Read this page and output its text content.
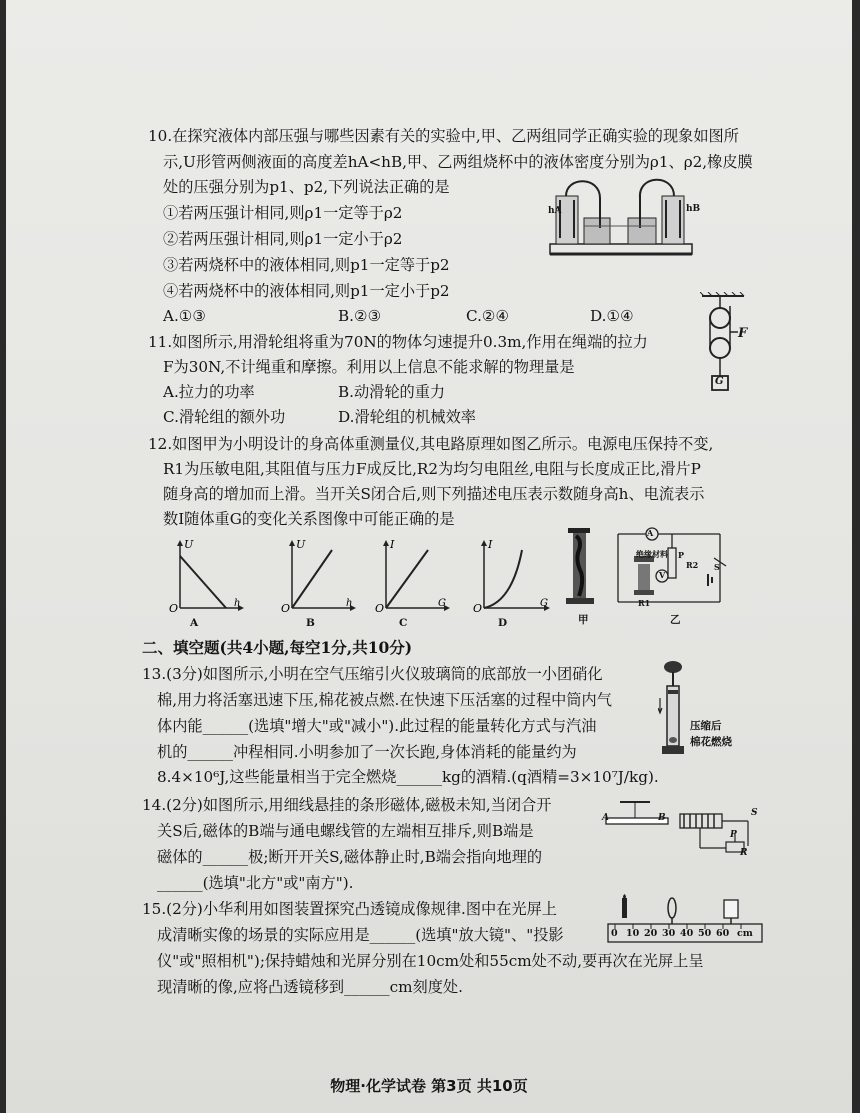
10.在探究液体内部压强与哪些因素有关的实验中,甲、乙两组同学正确实验的现象如图所
示,U形管两侧液面的高度差hA<hB,甲、乙两组烧杯中的液体密度分别为ρ1、ρ2,橡皮膜
处的压强分别为p1、p2,下列说法正确的是
①若两压强计相同,则ρ1一定等于ρ2
②若两压强计相同,则ρ1一定小于ρ2
③若两烧杯中的液体相同,则p1一定等于p2
④若两烧杯中的液体相同,则p1一定小于p2
A.①③	B.②③	C.②④	D.①④
hA	hB
11.如图所示,用滑轮组将重为70N的物体匀速提升0.3m,作用在绳端的拉力
F为30N,不计绳重和摩擦。利用以上信息不能求解的物理量是
A.拉力的功率	B.动滑轮的重力
C.滑轮组的额外功	D.滑轮组的机械效率
F
G
12.如图甲为小明设计的身高体重测量仪,其电路原理如图乙所示。电源电压保持不变,
R1为压敏电阻,其阻值与压力F成反比,R2为均匀电阻丝,电阻与长度成正比,滑片P
随身高的增加而上滑。当开关S闭合后,则下列描述电压表示数随身高h、电流表示
数I随体重G的变化关系图像中可能正确的是
U
h
O
A
U
h
O
B
I
G
O
C
I
G
O
D	甲
A
绝缘材料
V
P
R2
R1
S
乙
二、填空题(共4小题,每空1分,共10分)
13.(3分)如图所示,小明在空气压缩引火仪玻璃筒的底部放一小团硝化
棉,用力将活塞迅速下压,棉花被点燃.在快速下压活塞的过程中筒内气
体内能______(选填"增大"或"减小").此过程的能量转化方式与汽油
机的______冲程相同.小明参加了一次长跑,身体消耗的能量约为
8.4×10⁶J,这些能量相当于完全燃烧______kg的酒精.(q酒精=3×10⁷J/kg).
压缩后
棉花燃烧
14.(2分)如图所示,用细线悬挂的条形磁体,磁极未知,当闭合开
关S后,磁体的B端与通电螺线管的左端相互排斥,则B端是
磁体的______极;断开开关S,磁体静止时,B端会指向地理的
______(选填"北方"或"南方").
A	B	S
P
R
15.(2分)小华利用如图装置探究凸透镜成像规律.图中在光屏上
成清晰实像的场景的实际应用是______(选填"放大镜"、"投影
仪"或"照相机");保持蜡烛和光屏分别在10cm处和55cm处不动,要再次在光屏上呈
现清晰的像,应将凸透镜移到______cm刻度处.
0 10 20 30 40 50 60 cm
物理·化学试卷 第3页 共10页
